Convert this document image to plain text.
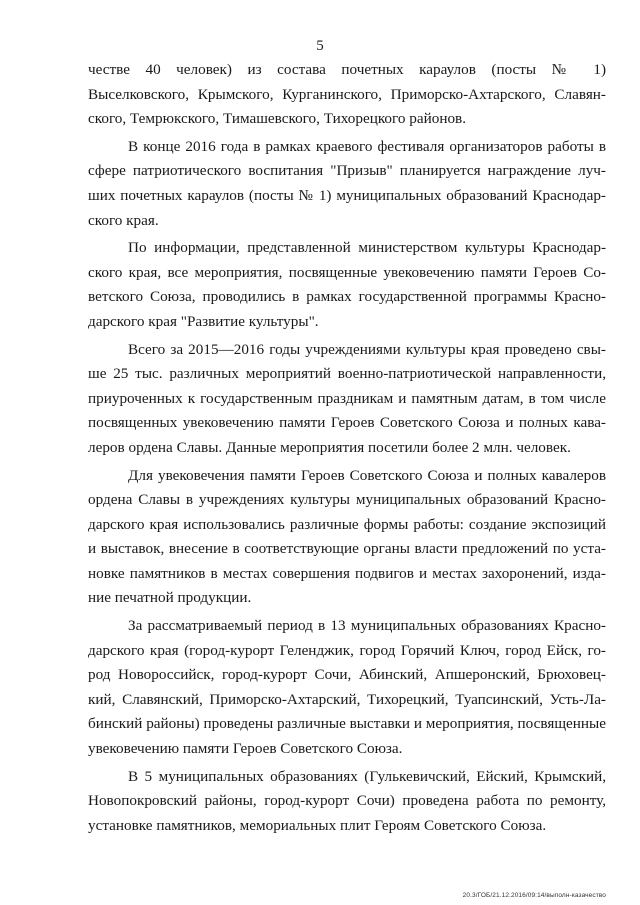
5
честве 40 человек) из состава почетных караулов (посты № 1)
Выселковского, Крымского, Курганинского, Приморско-Ахтарского, Славян-
ского, Темрюкского, Тимашевского, Тихорецкого районов.
В конце 2016 года в рамках краевого фестиваля организаторов работы в
сфере патриотического воспитания "Призыв" планируется награждение луч-
ших почетных караулов (посты № 1) муниципальных образований Краснодар-
ского края.
По информации, представленной министерством культуры Краснодар-
ского края, все мероприятия, посвященные увековечению памяти Героев Со-
ветского Союза, проводились в рамках государственной программы Красно-
дарского края "Развитие культуры".
Всего за 2015—2016 годы учреждениями культуры края проведено свы-
ше 25 тыс. различных мероприятий военно-патриотической направленности,
приуроченных к государственным праздникам и памятным датам, в том числе
посвященных увековечению памяти Героев Советского Союза и полных кава-
леров ордена Славы. Данные мероприятия посетили более 2 млн. человек.
Для увековечения памяти Героев Советского Союза и полных кавалеров
ордена Славы в учреждениях культуры муниципальных образований Красно-
дарского края использовались различные формы работы: создание экспозиций
и выставок, внесение в соответствующие органы власти предложений по уста-
новке памятников в местах совершения подвигов и местах захоронений, изда-
ние печатной продукции.
За рассматриваемый период в 13 муниципальных образованиях Красно-
дарского края (город-курорт Геленджик, город Горячий Ключ, город Ейск, го-
род Новороссийск, город-курорт Сочи, Абинский, Апшеронский, Брюховец-
кий, Славянский, Приморско-Ахтарский, Тихорецкий, Туапсинский, Усть-Ла-
бинский районы) проведены различные выставки и мероприятия, посвященные
увековечению памяти Героев Советского Союза.
В 5 муниципальных образованиях (Гулькевичский, Ейский, Крымский,
Новопокровский районы, город-курорт Сочи) проведена работа по ремонту,
установке памятников, мемориальных плит Героям Советского Союза.
20.3/ГОБ/21.12.2016/09:14/выполн-казачество
